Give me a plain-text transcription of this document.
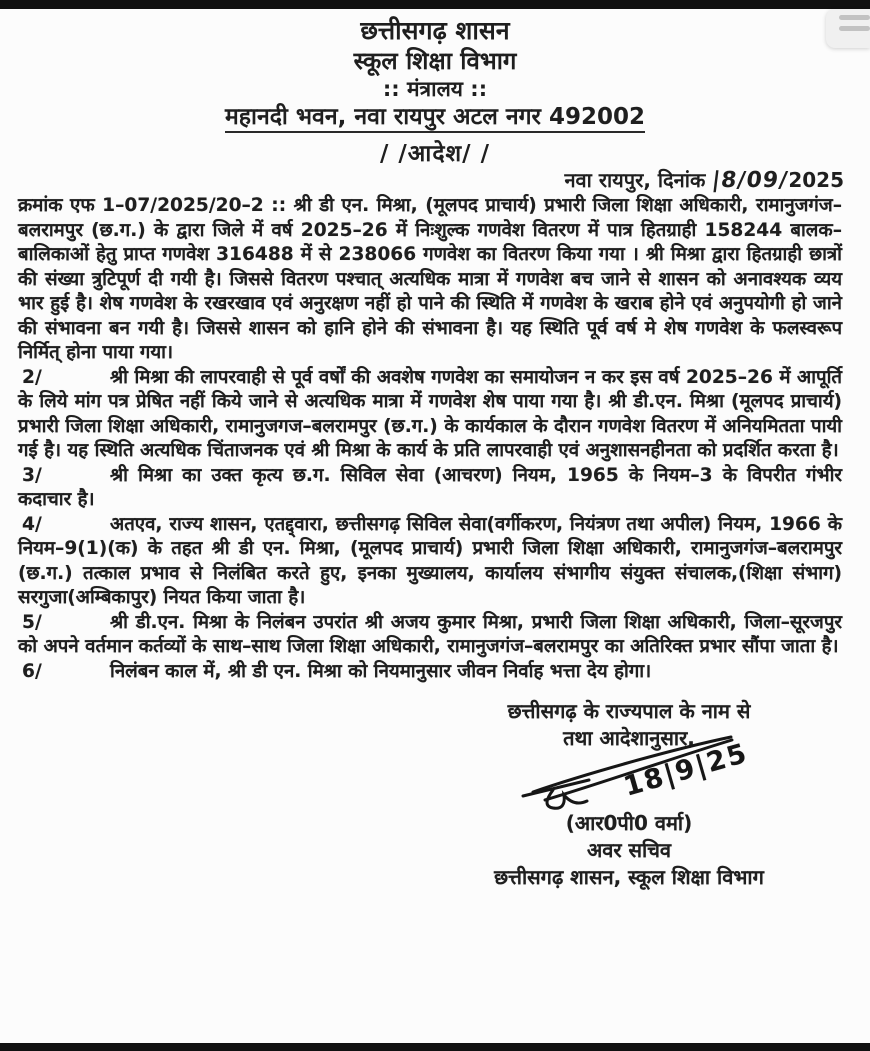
छत्तीसगढ़ शासन
स्कूल शिक्षा विभाग
:: मंत्रालय ::
महानदी भवन, नवा रायपुर अटल नगर 492002
/ /आदेश/ /
नवा रायपुर, दिनांक |8/09/2025

क्रमांक एफ 1–07/2025/20–2 :: श्री डी एन. मिश्रा, (मूलपद प्राचार्य) प्रभारी जिला शिक्षा अधिकारी, रामानुजगंज–बलरामपुर (छ.ग.) के द्वारा जिले में वर्ष 2025–26 में निःशुल्क गणवेश वितरण में पात्र हितग्राही 158244 बालक–बालिकाओं हेतु प्राप्त गणवेश 316488 में से 238066 गणवेश का वितरण किया गया । श्री मिश्रा द्वारा हितग्राही छात्रों की संख्या त्रुटिपूर्ण दी गयी है। जिससे वितरण पश्चात् अत्यधिक मात्रा में गणवेश बच जाने से शासन को अनावश्यक व्यय भार हुई है। शेष गणवेश के रखरखाव एवं अनुरक्षण नहीं हो पाने की स्थिति में गणवेश के खराब होने एवं अनुपयोगी हो जाने की संभावना बन गयी है। जिससे शासन को हानि होने की संभावना है। यह स्थिति पूर्व वर्ष मे शेष गणवेश के फलस्वरूप निर्मित् होना पाया गया।

2/	श्री मिश्रा की लापरवाही से पूर्व वर्षों की अवशेष गणवेश का समायोजन न कर इस वर्ष 2025–26 में आपूर्ति के लिये मांग पत्र प्रेषित नहीं किये जाने से अत्यधिक मात्रा में गणवेश शेष पाया गया है। श्री डी.एन. मिश्रा (मूलपद प्राचार्य) प्रभारी जिला शिक्षा अधिकारी, रामानुजगज–बलरामपुर (छ.ग.) के कार्यकाल के दौरान गणवेश वितरण में अनियमितता पायी गई है। यह स्थिति अत्यधिक चिंताजनक एवं श्री मिश्रा के कार्य के प्रति लापरवाही एवं अनुशासनहीनता को प्रदर्शित करता है।

3/	श्री मिश्रा का उक्त कृत्य छ.ग. सिविल सेवा (आचरण) नियम, 1965 के नियम–3 के विपरीत गंभीर कदाचार है।

4/	अतएव, राज्य शासन, एतद्द्वारा, छत्तीसगढ़ सिविल सेवा(वर्गीकरण, नियंत्रण तथा अपील) नियम, 1966 के नियम–9(1)(क) के तहत श्री डी एन. मिश्रा, (मूलपद प्राचार्य) प्रभारी जिला शिक्षा अधिकारी, रामानुजगंज–बलरामपुर (छ.ग.) तत्काल प्रभाव से निलंबित करते हुए, इनका मुख्यालय, कार्यालय संभागीय संयुक्त संचालक,(शिक्षा संभाग) सरगुजा(अम्बिकापुर) नियत किया जाता है।

5/	श्री डी.एन. मिश्रा के निलंबन उपरांत श्री अजय कुमार मिश्रा, प्रभारी जिला शिक्षा अधिकारी, जिला–सूरजपुर को अपने वर्तमान कर्तव्यों के साथ–साथ जिला शिक्षा अधिकारी, रामानुजगंज–बलरामपुर का अतिरिक्त प्रभार सौंपा जाता है।

6/	निलंबन काल में, श्री डी एन. मिश्रा को नियमानुसार जीवन निर्वाह भत्ता देय होगा।

छत्तीसगढ़ के राज्यपाल के नाम से
तथा आदेशानुसार,
18|9|25
(आर0पी0 वर्मा)
अवर सचिव
छत्तीसगढ़ शासन, स्कूल शिक्षा विभाग
